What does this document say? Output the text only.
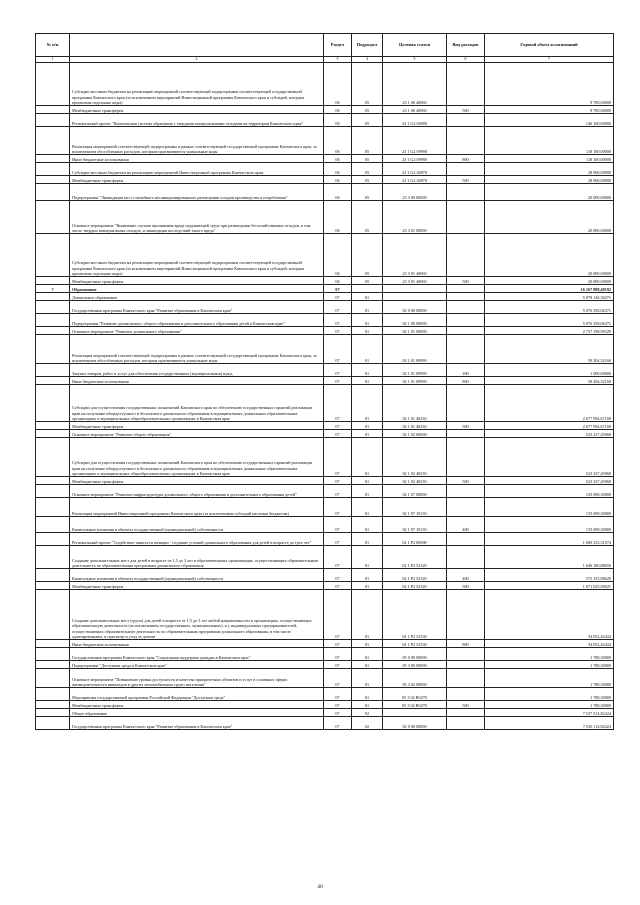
№ п/п		Раздел	Подраздел	Целевая статья	Вид расходов	Годовой объем ассигнований
1	2	3	4	5	6	7
	Субсидии местным бюджетам на реализацию мероприятий соответствующей подпрограммы соответствующей государственной программы Камчатского края (за исключением мероприятий Инвестиционной программы Камчатского края и субсидий, которым присвоены отдельные коды)	06	05	23 1 06 40060		9 700,00000
	Межбюджетные трансферты	06	05	23 1 06 40060	500	9 700,00000
	Региональный проект "Комплексная система обращения с твердыми коммунальными отходами на территории Камчатского края"	06	05	23 1 G2 00000		146 100,00000
	Реализация мероприятий соответствующей подпрограммы в рамках соответствующей государственной программы Камчатского края, за исключением обособленных расходов, которым присваиваются уникальные коды	06	05	23 1 G2 09990		118 100,00000
	Иные бюджетные ассигнования	06	05	23 1 G2 09990	800	118 100,00000
	Субсидии местным бюджетам на реализацию мероприятий Инвестиционной программы Камчатского края	06	05	23 1 G2 40070		28 000,00000
	Межбюджетные трансферты	06	05	23 1 G2 40070	500	28 000,00000
	Подпрограмма "Ликвидация мест стихийного несанкционированного размещения отходов производства и потребления"	06	05	23 3 00 00000		20 000,00000
	Основное мероприятие "Выявление случаев причинения вреда окружающей среде при размещении бесхозяйственных отходов, в том числе твердых коммунальных отходов, и ликвидация последствий такого вреда"	06	05	23 3 01 00000		20 000,00000
	Субсидии местным бюджетам на реализацию мероприятий соответствующей подпрограммы соответствующей государственной программы Камчатского края (за исключением мероприятий Инвестиционной программы Камчатского края и субсидий, которым присвоены отдельные коды)	06	05	23 3 01 40060		20 000,00000
	Межбюджетные трансферты	06	05	23 3 01 40060	500	20 000,00000
7	Образование	07				16 167 888,49192
	Дошкольное образование	07	01			5 078 146,36371
	Государственная программа Камчатского края "Развитие образования в Камчатском крае"	07	01	02 0 00 00000		5 076 358,06371
	Подпрограмма "Развитие дошкольного, общего образования и дополнительного образования детей в Камчатском крае"	07	01	02 1 00 00000		5 076 358,06371
	Основное мероприятие "Развитие дошкольного образования"	07	01	02 1 01 00000		2 737 198,99329
	Реализация мероприятий соответствующей подпрограммы в рамках соответствующей государственной программы Камчатского края, за исключением обособленных расходов, которым присваиваются уникальные коды	07	01	02 1 01 09990		59 204,32160
	Закупка товаров, работ и услуг для обеспечения государственных (муниципальных) нужд	07	01	02 1 01 09990	200	1 000,00000
	Иные бюджетные ассигнования	07	01	02 1 01 09990	800	58 204,32160
	Субсидии для осуществления государственных полномочий Камчатского края по обеспечению государственных гарантий реализации прав на получение общедоступного и бесплатного дошкольного образования в муниципальных дошкольных образовательных организациях и муниципальных общеобразовательных организациях в Камчатском крае	07	01	02 1 01 40230		2 677 994,67169
	Межбюджетные трансферты	07	01	02 1 01 40230	500	2 677 994,67169
	Основное мероприятие "Развитие общего образования"	07	01	02 1 02 00000		523 237,45968
	Субсидии для осуществления государственных полномочий Камчатского края по обеспечению государственных гарантий реализации прав на получение общедоступного и бесплатного дошкольного образования в муниципальных дошкольных образовательных организациях и муниципальных общеобразовательных организациях в Камчатском крае	07	01	02 1 02 40230		523 237,45968
	Межбюджетные трансферты	07	01	02 1 02 40230	500	523 237,45968
	Основное мероприятие "Развитие инфраструктуры дошкольного, общего образования и дополнительного образования детей"	07	01	02 1 07 00000		135 698,30000
	Реализация мероприятий Инвестиционной программы Камчатского края (за исключением субсидий местным бюджетам)	07	01	02 1 07 10130		135 698,30000
	Капитальные вложения в объекты государственной (муниципальной) собственности	07	01	02 1 07 10130	400	135 698,30000
	Региональный проект "Содействие занятости женщин - создание условий дошкольного образования для детей в возрасте до трех лет"	07	01	02 1 P2 00000		1 680 233,31074
	Создание дополнительных мест для детей в возрасте от 1,5 до 3 лет в образовательных организациях, осуществляющих образовательную деятельность по образовательным программам дошкольного образования	07	01	02 1 P2 52320		1 646 180,88650
	Капитальные вложения в объекты государственной (муниципальной) собственности	07	01	02 1 P2 52320	400	575 155,88629
	Межбюджетные трансферты	07	01	02 1 P2 52320	500	1 071 025,00021
	Создание дополнительных мест (групп) для детей в возрасте от 1,5 до 3 лет любой направленности в организациях, осуществляющих образовательную деятельность (за исключением государственных, муниципальных), и у индивидуальных предпринимателей, осуществляющих образовательную деятельность по образовательным программам дошкольного образования, в том числе адаптированным, и присмотр и уход за детьми	07	01	02 1 P2 52530		34 052,42424
	Иные бюджетные ассигнования	07	01	02 1 P2 52530	800	34 052,42424
	Государственная программа Камчатского края "Социальная поддержка граждан в Камчатском крае"	07	01	05 0 00 00000		1 788,30000
	Подпрограмма "Доступная среда в Камчатском крае"	07	01	05 3 00 00000		1 788,30000
	Основное мероприятие "Повышение уровня доступности и качества приоритетных объектов и услуг в основных сферах жизнедеятельности инвалидов и других маломобильных групп населения"	07	01	05 3 02 00000		1 788,30000
	Мероприятия государственной программы Российской Федерации "Доступная среда"	07	01	05 3 02 R0270		1 788,30000
	Межбюджетные трансферты	07	01	05 3 02 R0270	500	1 788,30000
	Общее образование	07	02			7 537 514,82424
	Государственная программа Камчатского края "Развитие образования в Камчатском крае"	07	02	02 0 00 00000		7 536 114,82424
40
